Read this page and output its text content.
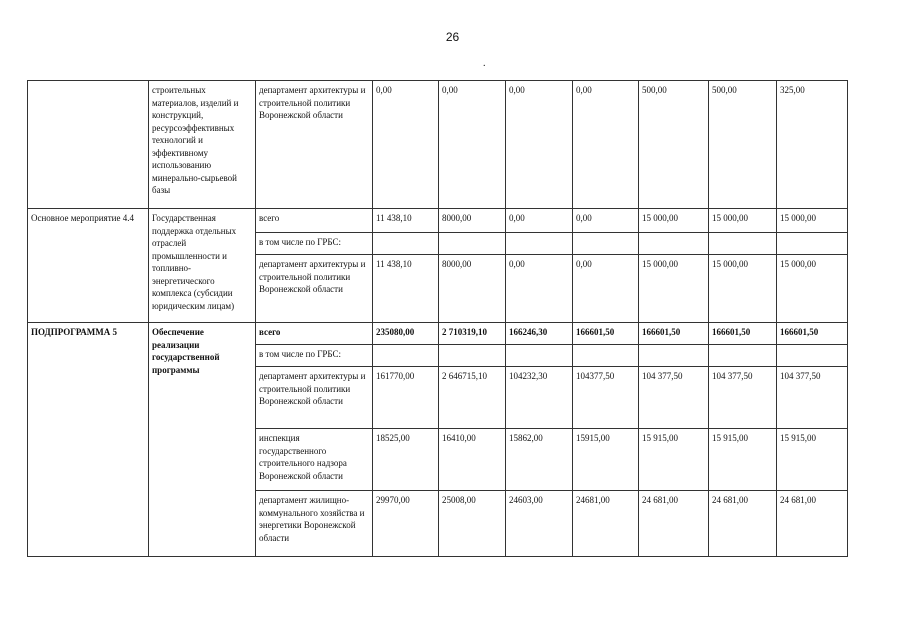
26
.
	строительных материалов, изделий и конструкций, ресурсоэффективных технологий и эффективному использованию минерально-сырьевой базы	департамент архитектуры и строительной политики Воронежской области	0,00	0,00	0,00	0,00	500,00	500,00	325,00
Основное мероприятие 4.4	Государственная поддержка отдельных отраслей промышленности и топливно-энергетического комплекса (субсидии юридическим лицам)	всего	11 438,10	8000,00	0,00	0,00	15 000,00	15 000,00	15 000,00
		в том числе по ГРБС:							
		департамент архитектуры и строительной политики Воронежской области	11 438,10	8000,00	0,00	0,00	15 000,00	15 000,00	15 000,00
ПОДПРОГРАММА 5	Обеспечение реализации государственной программы	всего	235080,00	2 710319,10	166246,30	166601,50	166601,50	166601,50	166601,50
		в том числе по ГРБС:							
		департамент архитектуры и строительной политики Воронежской области	161770,00	2 646715,10	104232,30	104377,50	104 377,50	104 377,50	104 377,50
		инспекция государственного строительного надзора Воронежской области	18525,00	16410,00	15862,00	15915,00	15 915,00	15 915,00	15 915,00
		департамент жилищно-коммунального хозяйства и энергетики Воронежской области	29970,00	25008,00	24603,00	24681,00	24 681,00	24 681,00	24 681,00
